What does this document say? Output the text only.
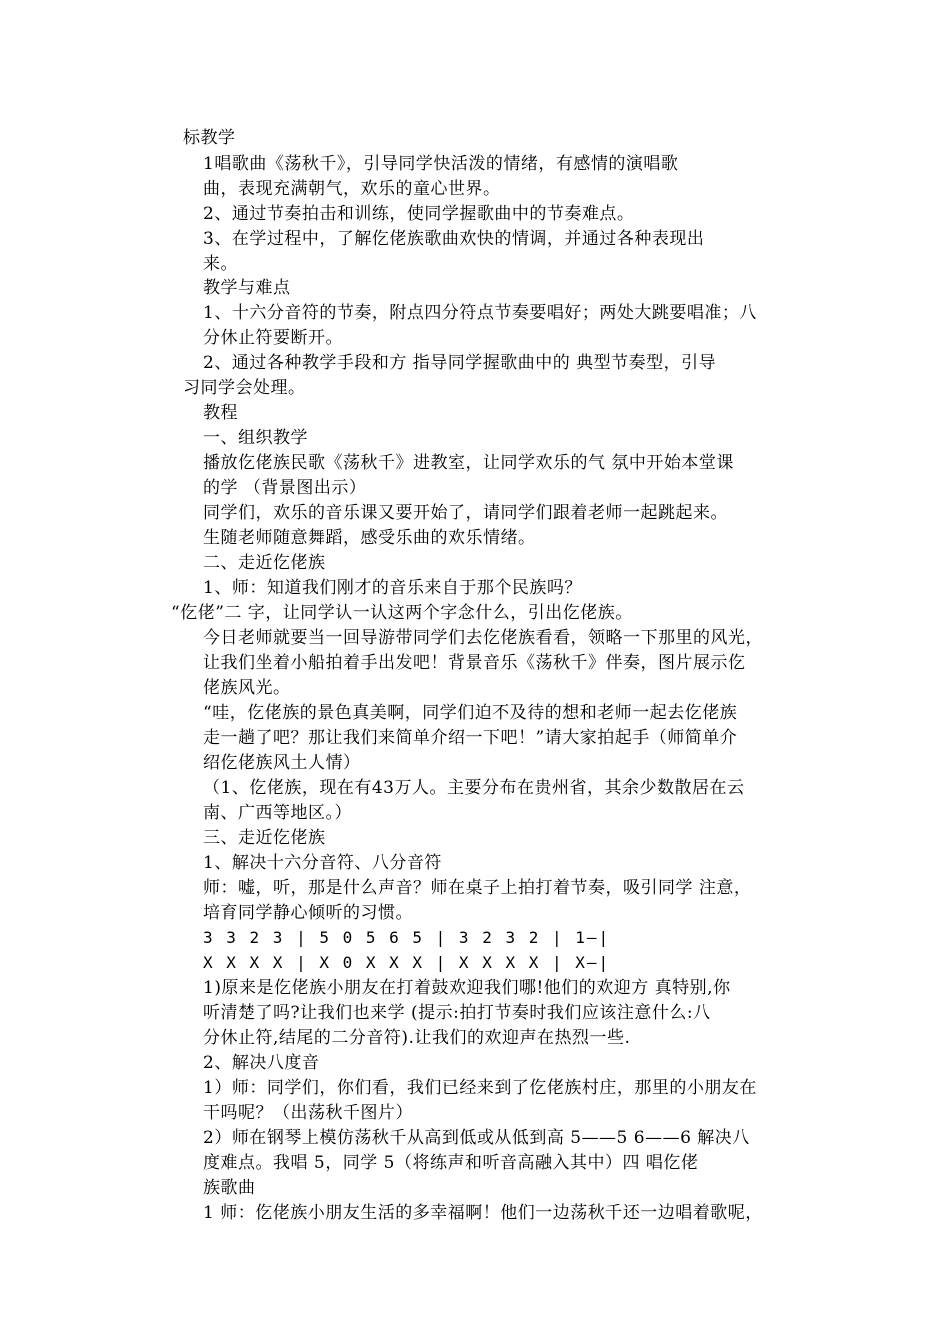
标教学
1唱歌曲《荡秋千》，引导同学快活泼的情绪，有感情的演唱歌
曲，表现充满朝气，欢乐的童心世界。
2、通过节奏拍击和训练，使同学握歌曲中的节奏难点。
3、在学过程中，了解仡佬族歌曲欢快的情调，并通过各种表现出
来。
教学与难点
1、十六分音符的节奏，附点四分符点节奏要唱好；两处大跳要唱准；八
分休止符要断开。
2、通过各种教学手段和方 指导同学握歌曲中的 典型节奏型，引导
习同学会处理。
教程
一、组织教学
播放仡佬族民歌《荡秋千》进教室，让同学欢乐的气 氛中开始本堂课
的学 （背景图出示）
同学们，欢乐的音乐课又要开始了，请同学们跟着老师一起跳起来。
生随老师随意舞蹈，感受乐曲的欢乐情绪。
二、走近仡佬族
1、师：知道我们刚才的音乐来自于那个民族吗？
“仡佬”二 字，让同学认一认这两个字念什么，引出仡佬族。
今日老师就要当一回导游带同学们去仡佬族看看，领略一下那里的风光，
让我们坐着小船拍着手出发吧！背景音乐《荡秋千》伴奏，图片展示仡
佬族风光。
“哇，仡佬族的景色真美啊，同学们迫不及待的想和老师一起去仡佬族
走一趟了吧？那让我们来简单介绍一下吧！”请大家拍起手（师简单介
绍仡佬族风土人情）
（1、仡佬族，现在有43万人。主要分布在贵州省，其余少数散居在云
南、广西等地区。）
三、走近仡佬族
1、解决十六分音符、八分音符
师：嘘，听，那是什么声音？师在桌子上拍打着节奏，吸引同学 注意，
培育同学静心倾听的习惯。
3 3 2 3 | 5 0 5 6 5 | 3 2 3 2 | 1—|
X X X X | X 0 X X X | X X X X | X—|
1)原来是仡佬族小朋友在打着鼓欢迎我们哪!他们的欢迎方 真特别,你
听清楚了吗?让我们也来学 (提示:拍打节奏时我们应该注意什么:八
分休止符,结尾的二分音符).让我们的欢迎声在热烈一些.
2、解决八度音
1）师：同学们，你们看，我们已经来到了仡佬族村庄，那里的小朋友在
干吗呢？（出荡秋千图片）
2）师在钢琴上模仿荡秋千从高到低或从低到高 5——5 6——6 解决八
度难点。我唱 5，同学 5（将练声和听音高融入其中）四 唱仡佬
族歌曲
1 师：仡佬族小朋友生活的多幸福啊！他们一边荡秋千还一边唱着歌呢，
